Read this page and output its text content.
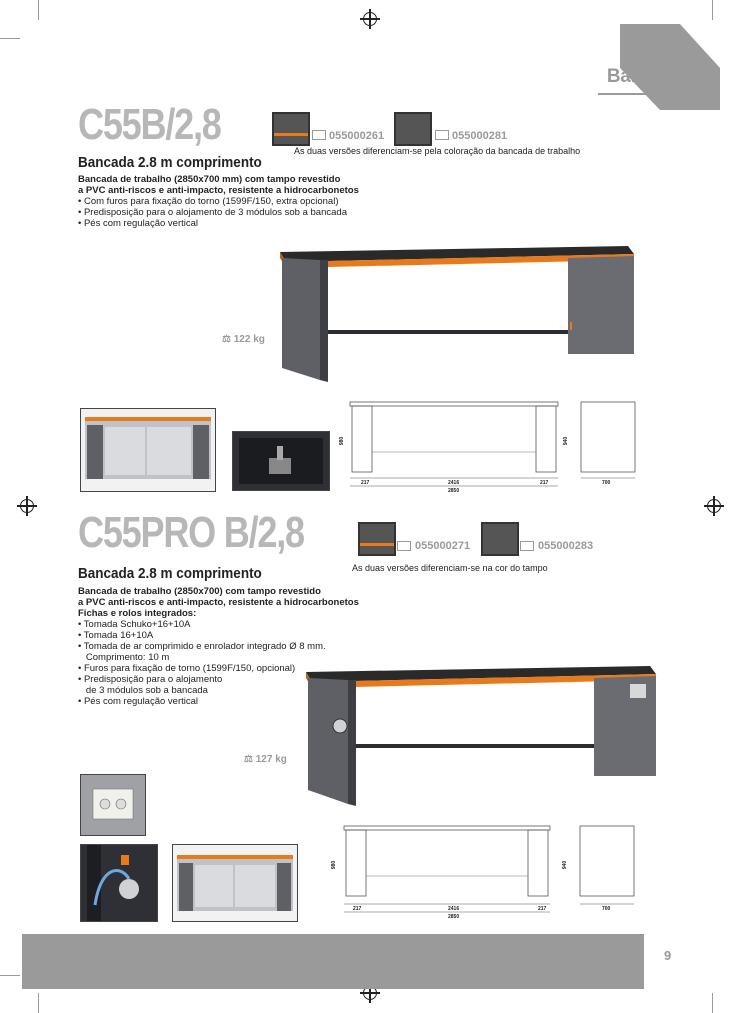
Bancada
C55B/2,8	055000261	055000281
As duas versões diferenciam-se pela coloração da bancada de trabalho
Bancada 2.8 m comprimento
Bancada de trabalho (2850x700 mm) com tampo revestido
a PVC anti-riscos e anti-impacto, resistente a hidrocarbonetos
• Com furos para fixação do torno (1599F/150, extra opcional)
• Predisposição para o alojamento de 3 módulos sob a bancada
• Pés com regulação vertical
⚖ 122 kg
217	2416	217
2850
700
980	940
C55PRO B/2,8	055000271	055000283
As duas versões diferenciam-se na cor do tampo
Bancada 2.8 m comprimento
Bancada de trabalho (2850x700) com tampo revestido
a PVC anti-riscos e anti-impacto, resistente a hidrocarbonetos
Fichas e rolos integrados:
• Tomada Schuko+16+10A
• Tomada 16+10A
• Tomada de ar comprimido e enrolador integrado Ø 8 mm.
Comprimento: 10 m
• Furos para fixação de torno (1599F/150, opcional)
• Predisposição para o alojamento
de 3 módulos sob a bancada
• Pés com regulação vertical
⚖ 127 kg
217	2416	217
2850
700
980	940
9
